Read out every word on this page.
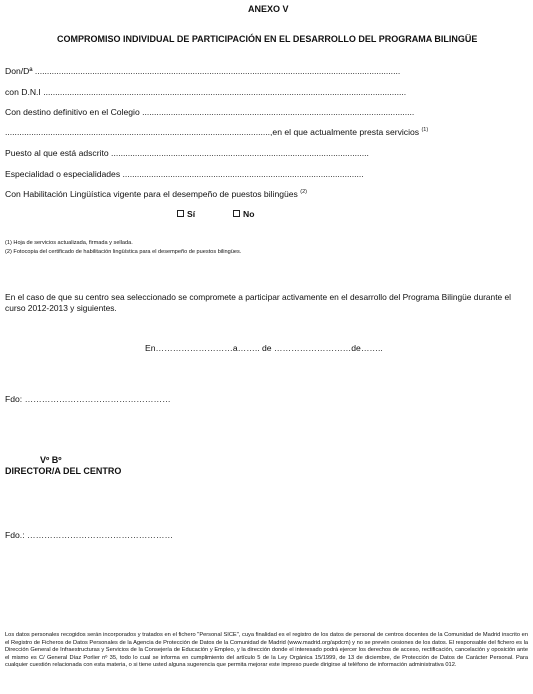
ANEXO V
COMPROMISO INDIVIDUAL DE PARTICIPACIÓN EN EL DESARROLLO DEL PROGRAMA BILINGÜE
Don/Dª .........................................................................................................................................................
con D.N.I ........................................................................................................................................................
Con destino definitivo en el Colegio ..................................................................................................................
...............................................................................................................,en el que actualmente presta servicios $^{(1)}$
Puesto al que está adscrito ............................................................................................................
Especialidad o especialidades .....................................................................................................
Con Habilitación Lingüística vigente para el desempeño de puestos bilingües $^{(2)}$
Sí	No
(1) Hoja de servicios actualizada, firmada y sellada.
(2) Fotocopia del certificado de habilitación lingüística para el desempeño de puestos bilingües.
En el caso de que su centro sea seleccionado se compromete a participar activamente en el desarrollo del Programa Bilingüe durante el curso 2012-2013 y siguientes.
En………………………a…….. de ………………………de……..
Fdo: ……………………………………………
Vº Bº
DIRECTOR/A DEL CENTRO
Fdo.: ……………………………………………
Los datos personales recogidos serán incorporados y tratados en el fichero "Personal SICE", cuya finalidad es el registro de los datos de personal de centros docentes de la Comunidad de Madrid inscrito en el Registro de Ficheros de Datos Personales de la Agencia de Protección de Datos de la Comunidad de Madrid (www.madrid.org/apdcm) y no se prevén cesiones de los datos. El responsable del fichero es la Dirección General de Infraestructuras y Servicios de la Consejería de Educación y Empleo, y la dirección donde el interesado podrá ejercer los derechos de acceso, rectificación, cancelación y oposición ante el mismo es C/ General Díaz Porlier nº 35, todo lo cual se informa en cumplimiento del artículo 5 de la Ley Orgánica 15/1999, de 13 de diciembre, de Protección de Datos de Carácter Personal. Para cualquier cuestión relacionada con esta materia, o si tiene usted alguna sugerencia que permita mejorar este impreso puede dirigirse al teléfono de información administrativa 012.
